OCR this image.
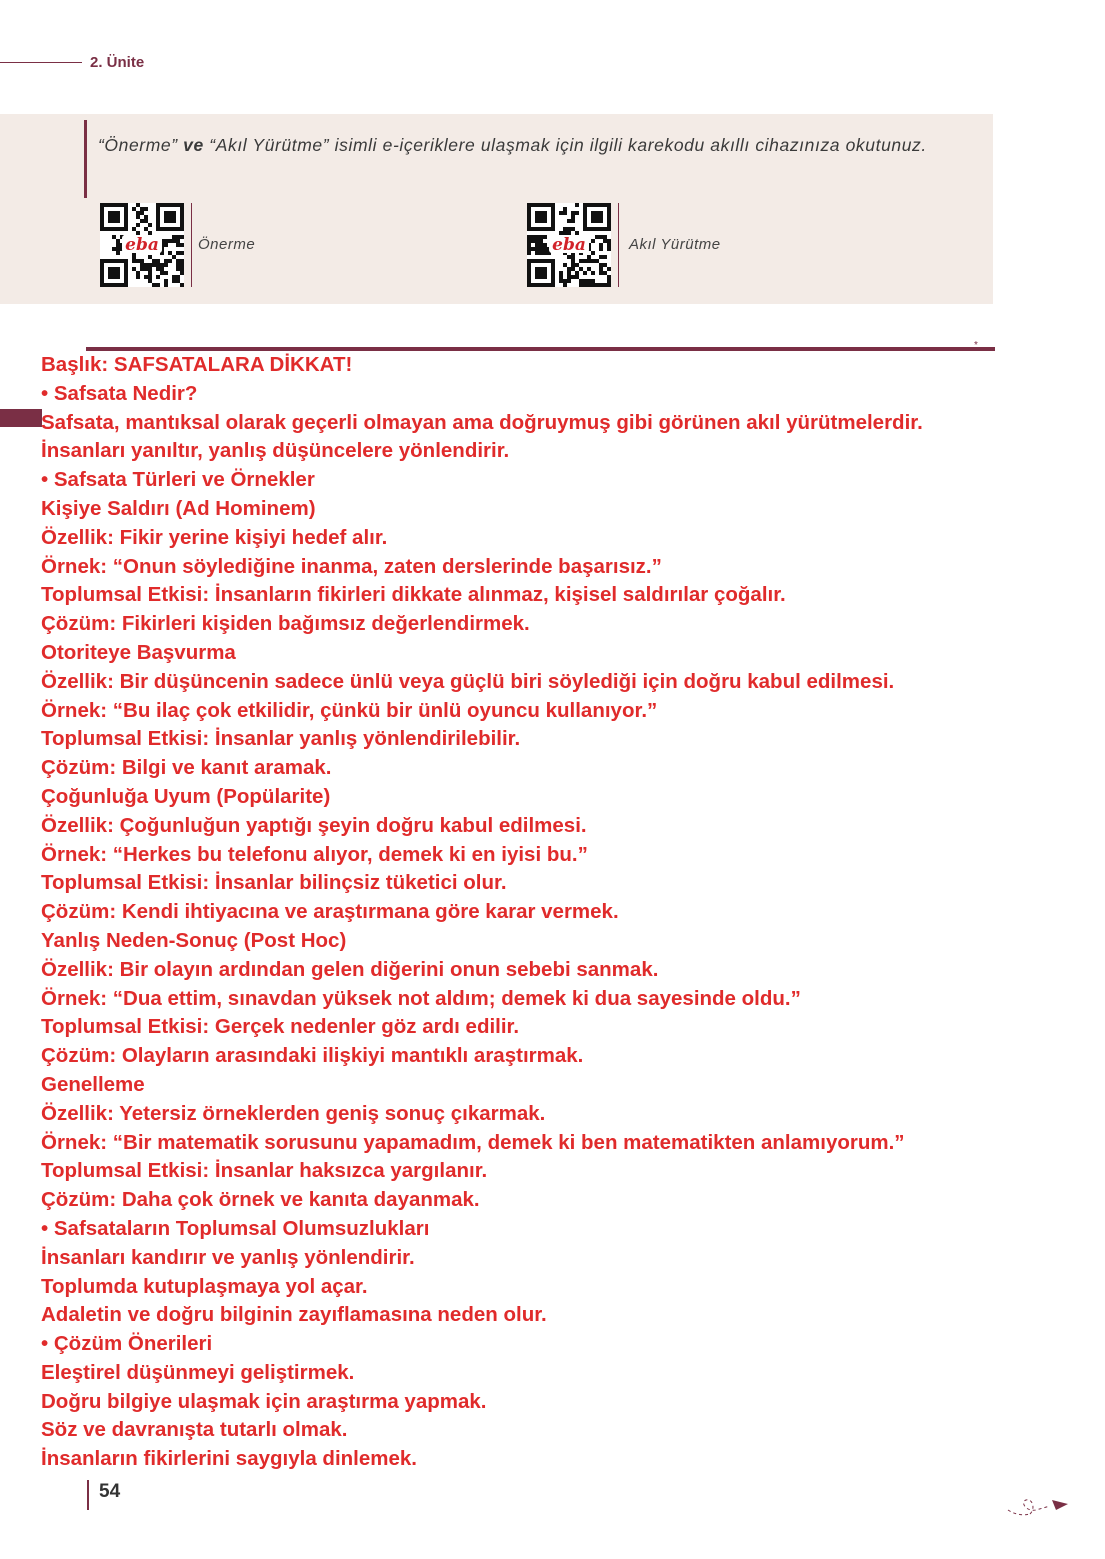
2. Ünite
“Önerme” ve “Akıl Yürütme” isimli e-içeriklere ulaşmak için ilgili karekodu akıllı cihazınıza okutunuz.
eba	Önerme	eba	Akıl Yürütme
*
Başlık: SAFSATALARA DİKKAT!
• Safsata Nedir?
Safsata, mantıksal olarak geçerli olmayan ama doğruymuş gibi görünen akıl yürütmelerdir.
İnsanları yanıltır, yanlış düşüncelere yönlendirir.
• Safsata Türleri ve Örnekler
Kişiye Saldırı (Ad Hominem)
Özellik: Fikir yerine kişiyi hedef alır.
Örnek: “Onun söylediğine inanma, zaten derslerinde başarısız.”
Toplumsal Etkisi: İnsanların fikirleri dikkate alınmaz, kişisel saldırılar çoğalır.
Çözüm: Fikirleri kişiden bağımsız değerlendirmek.
Otoriteye Başvurma
Özellik: Bir düşüncenin sadece ünlü veya güçlü biri söylediği için doğru kabul edilmesi.
Örnek: “Bu ilaç çok etkilidir, çünkü bir ünlü oyuncu kullanıyor.”
Toplumsal Etkisi: İnsanlar yanlış yönlendirilebilir.
Çözüm: Bilgi ve kanıt aramak.
Çoğunluğa Uyum (Popülarite)
Özellik: Çoğunluğun yaptığı şeyin doğru kabul edilmesi.
Örnek: “Herkes bu telefonu alıyor, demek ki en iyisi bu.”
Toplumsal Etkisi: İnsanlar bilinçsiz tüketici olur.
Çözüm: Kendi ihtiyacına ve araştırmana göre karar vermek.
Yanlış Neden-Sonuç (Post Hoc)
Özellik: Bir olayın ardından gelen diğerini onun sebebi sanmak.
Örnek: “Dua ettim, sınavdan yüksek not aldım; demek ki dua sayesinde oldu.”
Toplumsal Etkisi: Gerçek nedenler göz ardı edilir.
Çözüm: Olayların arasındaki ilişkiyi mantıklı araştırmak.
Genelleme
Özellik: Yetersiz örneklerden geniş sonuç çıkarmak.
Örnek: “Bir matematik sorusunu yapamadım, demek ki ben matematikten anlamıyorum.”
Toplumsal Etkisi: İnsanlar haksızca yargılanır.
Çözüm: Daha çok örnek ve kanıta dayanmak.
• Safsataların Toplumsal Olumsuzlukları
İnsanları kandırır ve yanlış yönlendirir.
Toplumda kutuplaşmaya yol açar.
Adaletin ve doğru bilginin zayıflamasına neden olur.
• Çözüm Önerileri
Eleştirel düşünmeyi geliştirmek.
Doğru bilgiye ulaşmak için araştırma yapmak.
Söz ve davranışta tutarlı olmak.
İnsanların fikirlerini saygıyla dinlemek.
54
